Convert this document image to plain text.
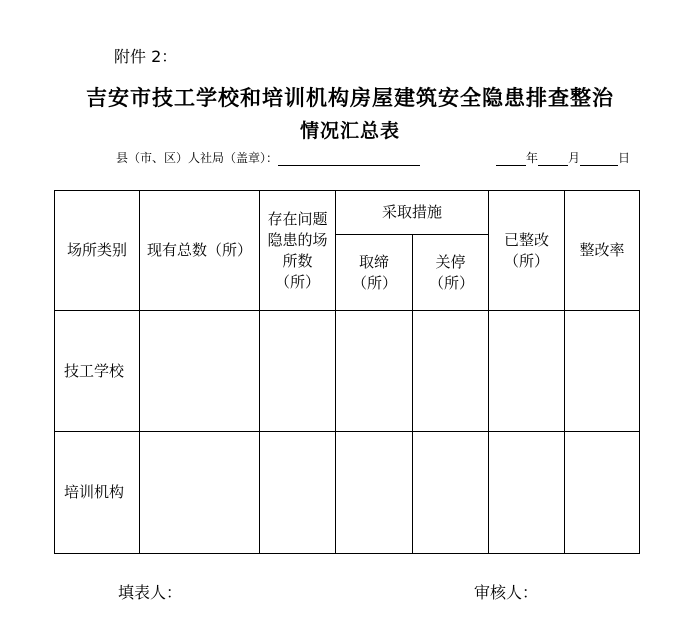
附件 2：
吉安市技工学校和培训机构房屋建筑安全隐患排查整治
情况汇总表
县（市、区）人社局（盖章）：	年	月	日
场所类别	现有总数（所）	存在问题隐患的场所数（所）	采取措施		已整改（所）	整改率
			取缔（所）	关停（所）		
技工学校						
培训机构						
填表人：	审核人：
